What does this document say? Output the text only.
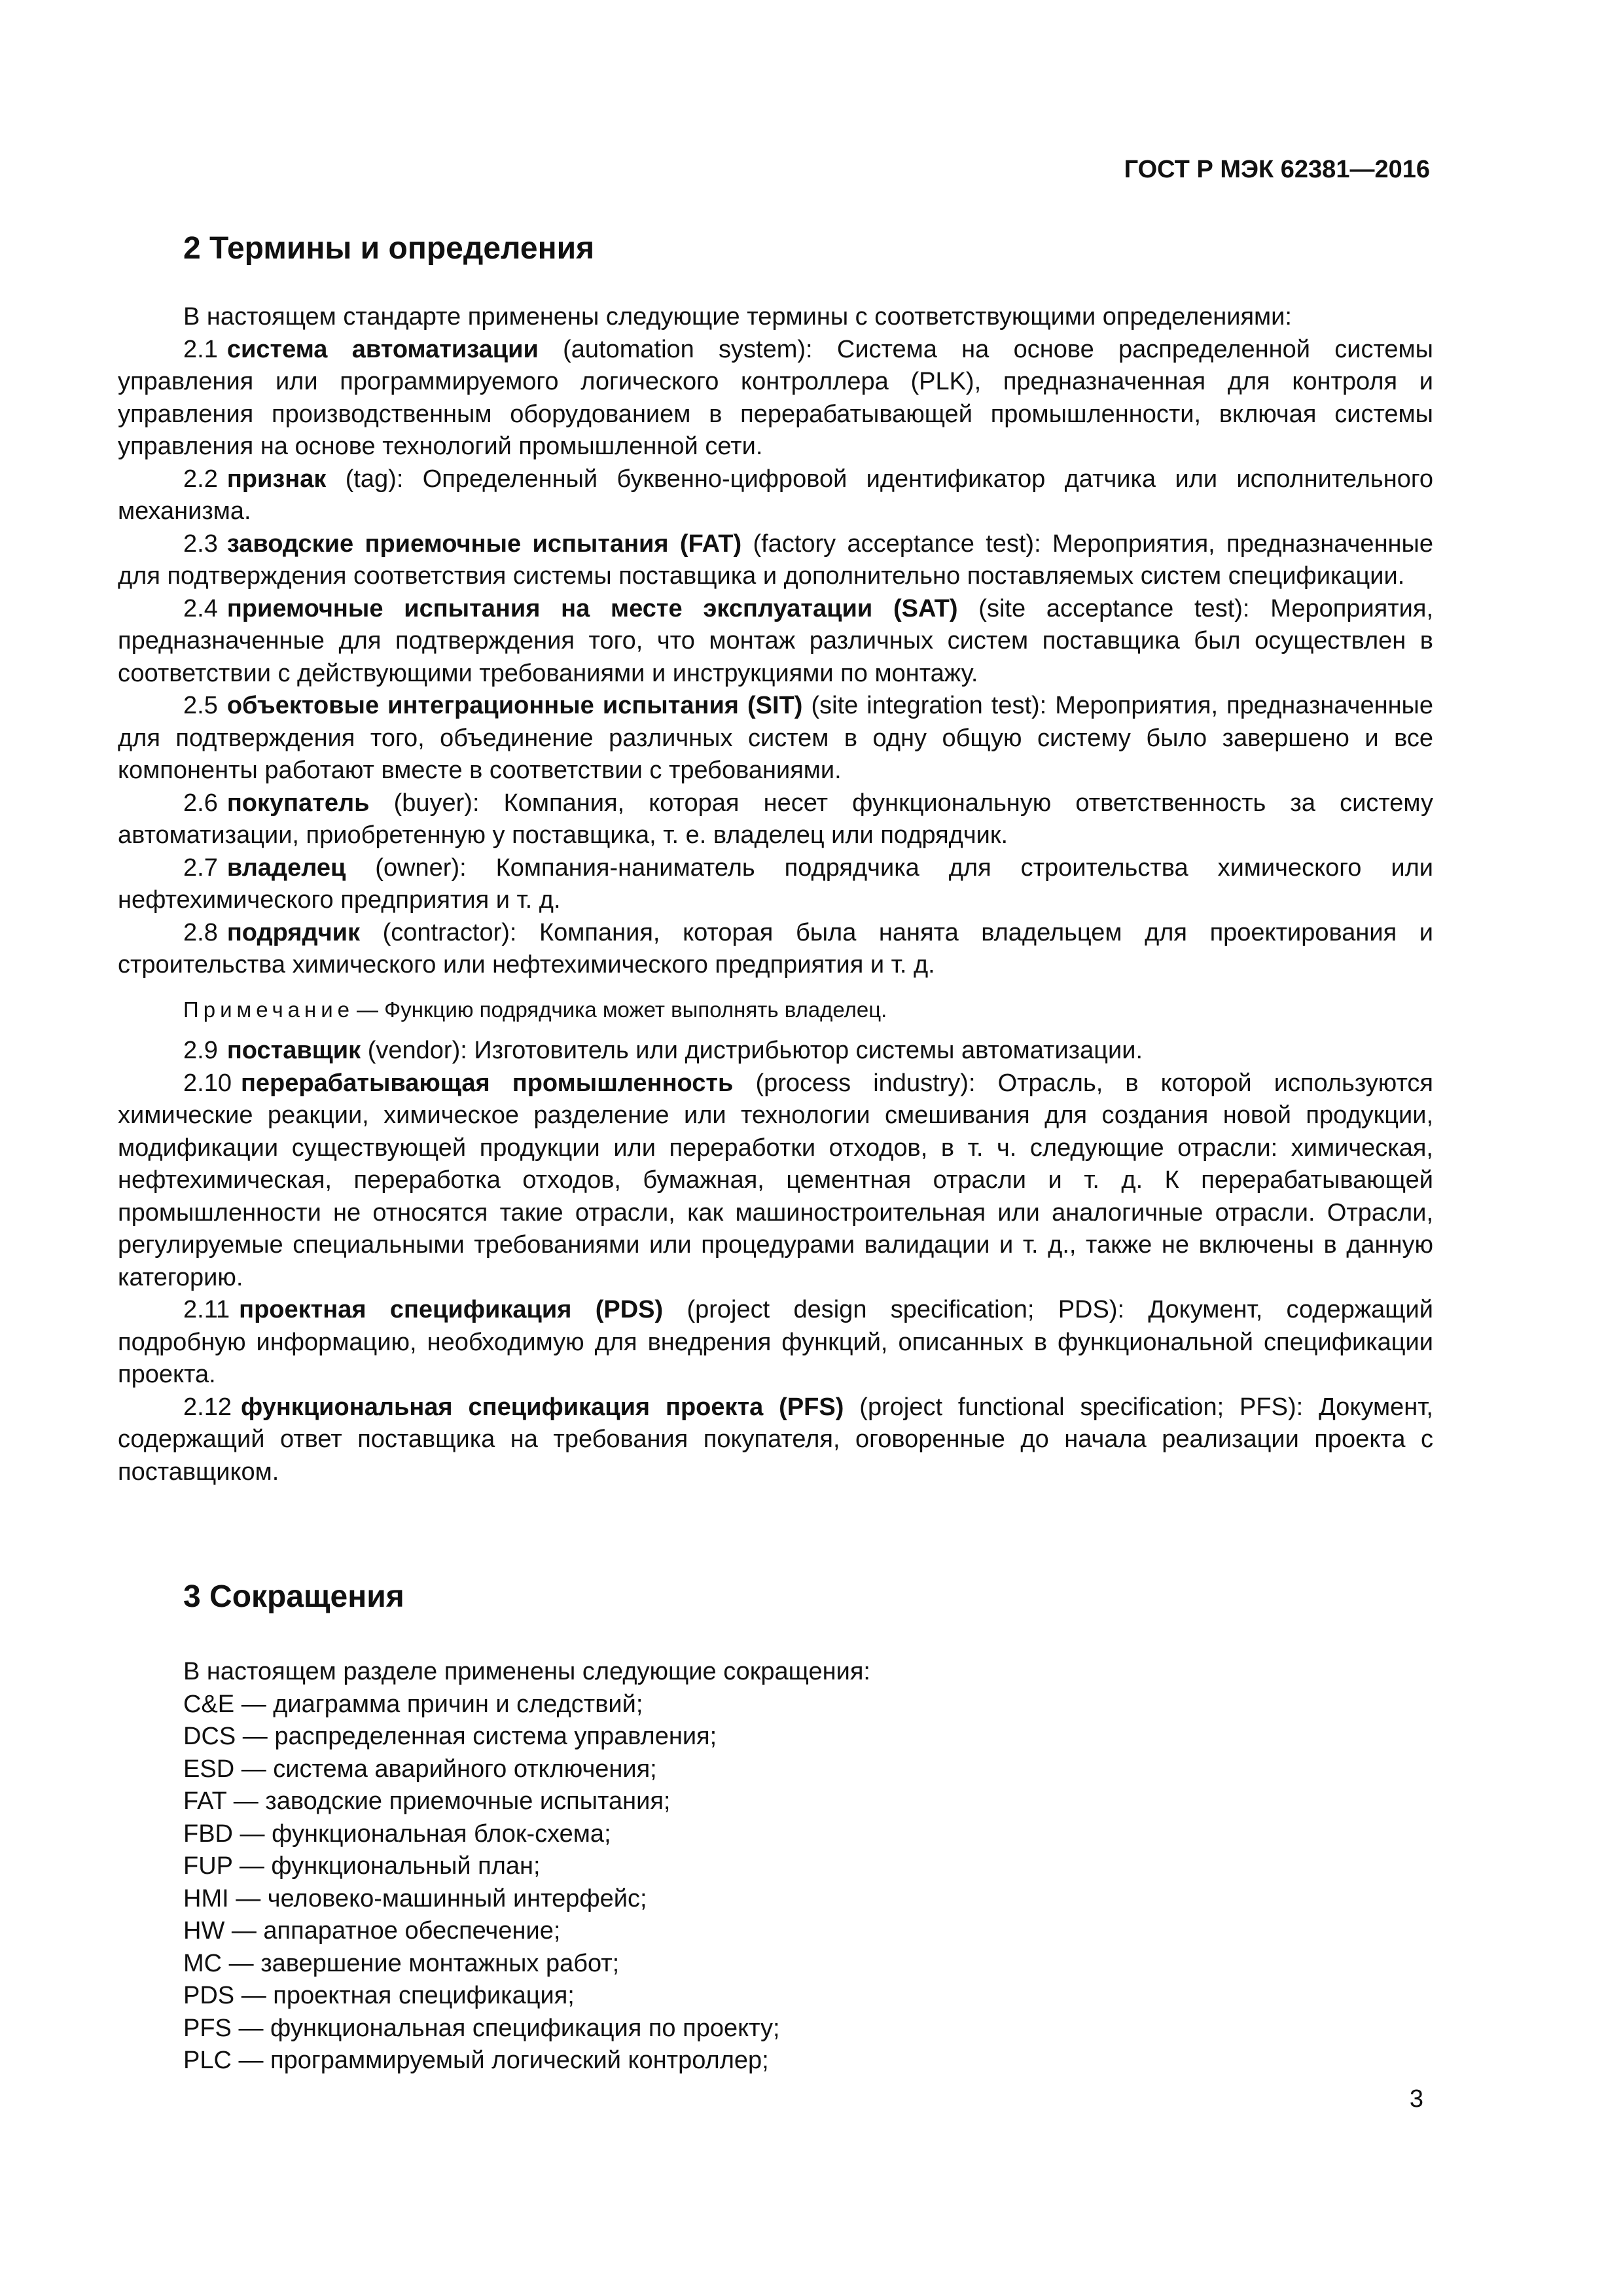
ГОСТ Р МЭК 62381—2016
2 Термины и определения

В настоящем стандарте применены следующие термины с соответствующими определениями:

2.1 система автоматизации (automation system): Система на основе распределенной системы управления или программируемого логического контроллера (PLK), предназначенная для контроля и управления производственным оборудованием в перерабатывающей промышленности, включая системы управления на основе технологий промышленной сети.

2.2 признак (tag): Определенный буквенно-цифровой идентификатор датчика или исполнительного механизма.

2.3 заводские приемочные испытания (FAT) (factory acceptance test): Мероприятия, предназначенные для подтверждения соответствия системы поставщика и дополнительно поставляемых систем спецификации.

2.4 приемочные испытания на месте эксплуатации (SAT) (site acceptance test): Мероприятия, предназначенные для подтверждения того, что монтаж различных систем поставщика был осуществлен в соответствии с действующими требованиями и инструкциями по монтажу.

2.5 объектовые интеграционные испытания (SIT) (site integration test): Мероприятия, предназначенные для подтверждения того, объединение различных систем в одну общую систему было завершено и все компоненты работают вместе в соответствии с требованиями.

2.6 покупатель (buyer): Компания, которая несет функциональную ответственность за систему автоматизации, приобретенную у поставщика, т. е. владелец или подрядчик.

2.7 владелец (owner): Компания-наниматель подрядчика для строительства химического или нефтехимического предприятия и т. д.

2.8 подрядчик (contractor): Компания, которая была нанята владельцем для проектирования и строительства химического или нефтехимического предприятия и т. д.

Примечание — Функцию подрядчика может выполнять владелец.

2.9 поставщик (vendor): Изготовитель или дистрибьютор системы автоматизации.

2.10 перерабатывающая промышленность (process industry): Отрасль, в которой используются химические реакции, химическое разделение или технологии смешивания для создания новой продукции, модификации существующей продукции или переработки отходов, в т. ч. следующие отрасли: химическая, нефтехимическая, переработка отходов, бумажная, цементная отрасли и т. д. К перерабатывающей промышленности не относятся такие отрасли, как машиностроительная или аналогичные отрасли. Отрасли, регулируемые специальными требованиями или процедурами валидации и т. д., также не включены в данную категорию.

2.11 проектная спецификация (PDS) (project design specification; PDS): Документ, содержащий подробную информацию, необходимую для внедрения функций, описанных в функциональной спецификации проекта.

2.12 функциональная спецификация проекта (PFS) (project functional specification; PFS): Документ, содержащий ответ поставщика на требования покупателя, оговоренные до начала реализации проекта с поставщиком.

3 Сокращения

В настоящем разделе применены следующие сокращения:

C&E — диаграмма причин и следствий;
DCS — распределенная система управления;
ESD — система аварийного отключения;
FAT — заводские приемочные испытания;
FBD — функциональная блок-схема;
FUP — функциональный план;
HMI — человеко-машинный интерфейс;
HW — аппаратное обеспечение;
MC — завершение монтажных работ;
PDS — проектная спецификация;
PFS — функциональная спецификация по проекту;
PLC — программируемый логический контроллер;
3
